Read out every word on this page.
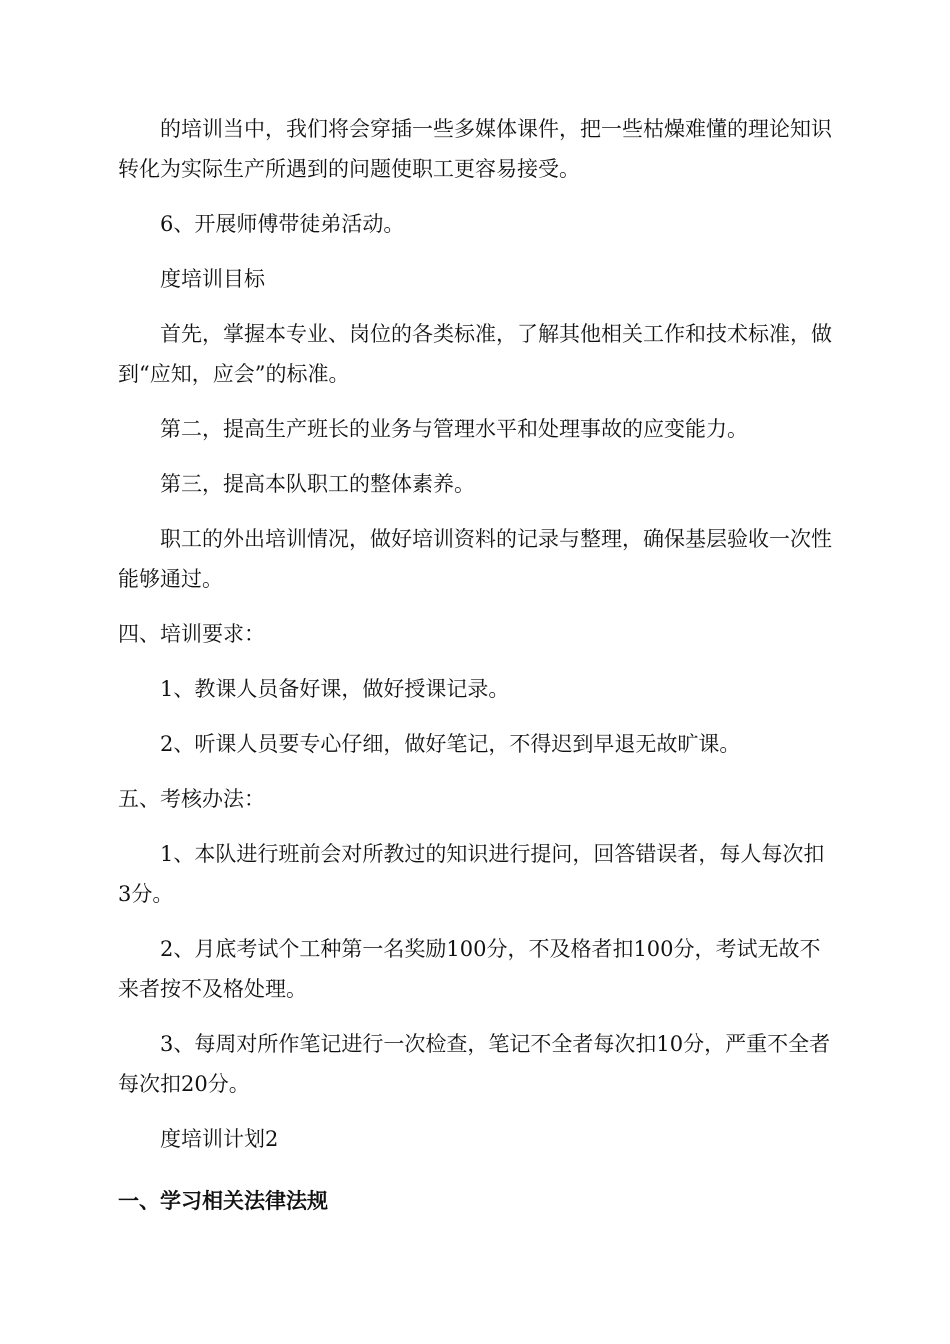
的培训当中，我们将会穿插一些多媒体课件，把一些枯燥难懂的理论知识转化为实际生产所遇到的问题使职工更容易接受。

6、开展师傅带徒弟活动。

度培训目标

首先，掌握本专业、岗位的各类标准，了解其他相关工作和技术标准，做到“应知，应会”的标准。

第二，提高生产班长的业务与管理水平和处理事故的应变能力。

第三，提高本队职工的整体素养。

职工的外出培训情况，做好培训资料的记录与整理，确保基层验收一次性能够通过。

四、培训要求：

1、教课人员备好课，做好授课记录。

2、听课人员要专心仔细，做好笔记，不得迟到早退无故旷课。

五、考核办法：

1、本队进行班前会对所教过的知识进行提问，回答错误者，每人每次扣3分。

2、月底考试个工种第一名奖励100分，不及格者扣100分，考试无故不来者按不及格处理。

3、每周对所作笔记进行一次检查，笔记不全者每次扣10分，严重不全者每次扣20分。

度培训计划2

一、学习相关法律法规
